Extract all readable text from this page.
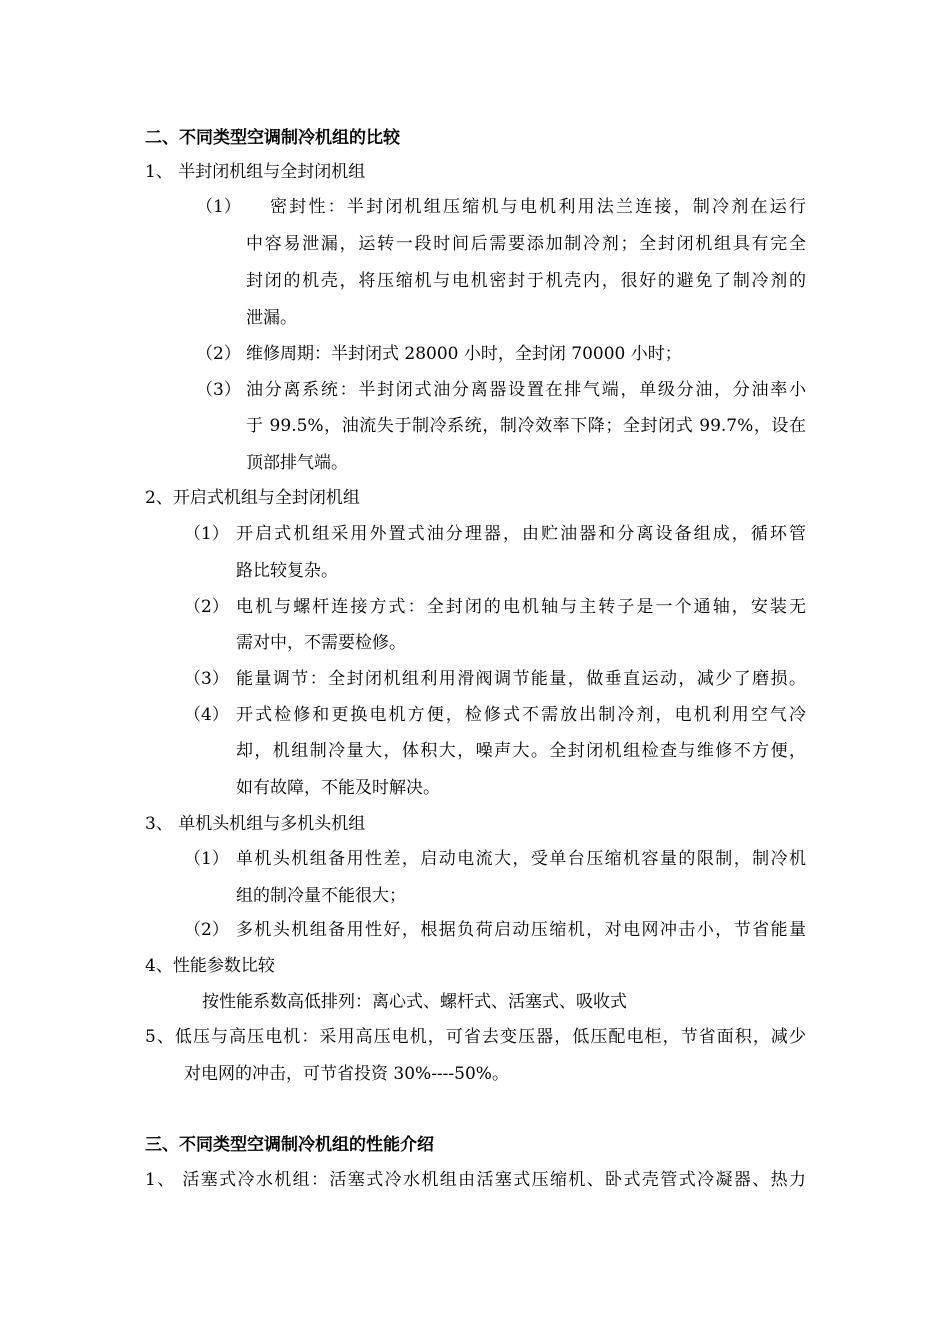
二、不同类型空调制冷机组的比较
1、 半封闭机组与全封闭机组
（1）	密封性：半封闭机组压缩机与电机利用法兰连接，制冷剂在运行
中容易泄漏，运转一段时间后需要添加制冷剂；全封闭机组具有完全
封闭的机壳，将压缩机与电机密封于机壳内，很好的避免了制冷剂的
泄漏。
（2） 维修周期：半封闭式 28000 小时，全封闭 70000 小时；
（3） 油分离系统：半封闭式油分离器设置在排气端，单级分油，分油率小
于 99.5%，油流失于制冷系统，制冷效率下降；全封闭式 99.7%，设在
顶部排气端。
2、开启式机组与全封闭机组
（1） 开启式机组采用外置式油分理器，由贮油器和分离设备组成，循环管
路比较复杂。
（2） 电机与螺杆连接方式：全封闭的电机轴与主转子是一个通轴，安装无
需对中，不需要检修。
（3） 能量调节：全封闭机组利用滑阀调节能量，做垂直运动，减少了磨损。
（4） 开式检修和更换电机方便，检修式不需放出制冷剂，电机利用空气冷
却，机组制冷量大，体积大，噪声大。全封闭机组检查与维修不方便，
如有故障，不能及时解决。
3、 单机头机组与多机头机组
（1） 单机头机组备用性差，启动电流大，受单台压缩机容量的限制，制冷机
组的制冷量不能很大；
（2） 多机头机组备用性好，根据负荷启动压缩机，对电网冲击小，节省能量
4、性能参数比较
按性能系数高低排列：离心式、螺杆式、活塞式、吸收式
5、低压与高压电机：采用高压电机，可省去变压器，低压配电柜，节省面积，减少
对电网的冲击，可节省投资 30%----50%。
三、不同类型空调制冷机组的性能介绍
1、 活塞式冷水机组：活塞式冷水机组由活塞式压缩机、卧式壳管式冷凝器、热力
